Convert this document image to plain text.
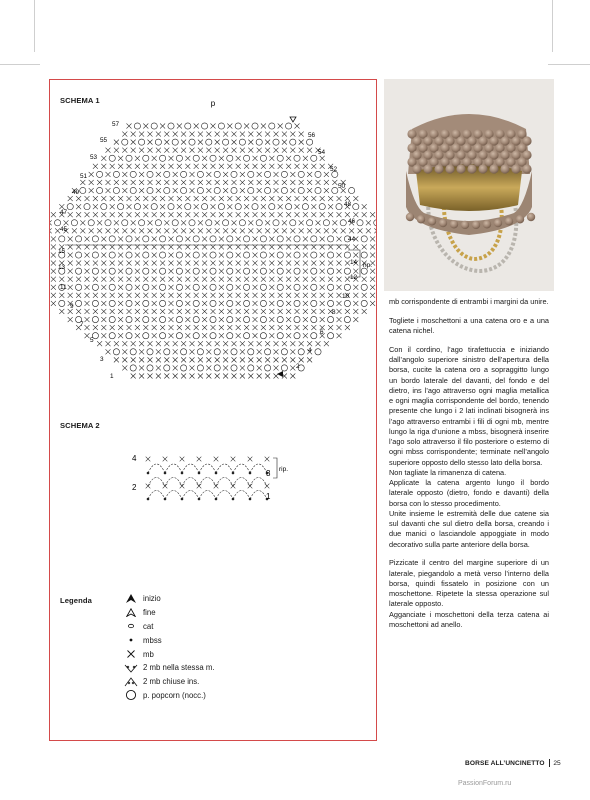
SCHEMA 1
SCHEMA 2
Legenda
p
57
55
53
51
49
47
45
15
13
11
9
7
5
3
1
56
54
52
50
48
46
44
14
12
10
8
6
4
2
rip.
4
2
3
1
rip.
inizio
fine
cat
mbss
mb
2 mb nella stessa m.
2 mb chiuse ins.
p. popcorn (nocc.)

mb corrispondente di entrambi i margini da unire.

Togliete i moschettoni a una catena oro e a una catena nichel.

Con il cordino, l’ago tirafettuccia e iniziando dall’angolo superiore sinistro dell’apertura della borsa, cucite la catena oro a sopraggitto lungo un bordo laterale del davanti, del fondo e del dietro, ins l’ago attraverso ogni maglia metallica e ogni maglia corrispondente del bordo, tenendo presente che lungo i 2 lati inclinati bisognerà ins l’ago attraverso entrambi i fili di ogni mb, mentre lungo la riga d’unione a mbss, bisognerà inserire l’ago solo attraverso il filo posteriore o esterno di ogni mbss corrispondente; terminate nell’angolo superiore opposto dello stesso lato della borsa.

Non tagliate la rimanenza di catena.

Applicate la catena argento lungo il bordo laterale opposto (dietro, fondo e davanti) della borsa con lo stesso procedimento.

Unite insieme le estremità delle due catene sia sul davanti che sul dietro della borsa, creando i due manici o lasciandole appoggiate in modo decorativo sulla parte anteriore della borsa.

Pizzicate il centro del margine superiore di un laterale, piegandolo a metà verso l’interno della borsa, quindi fissatelo in posizione con un moschettone. Ripetete la stessa operazione sul laterale opposto.

Agganciate i moschettoni della terza catena ai moschettoni ad anello.

BORSE ALL’UNCINETTO 25
PassionForum.ru
